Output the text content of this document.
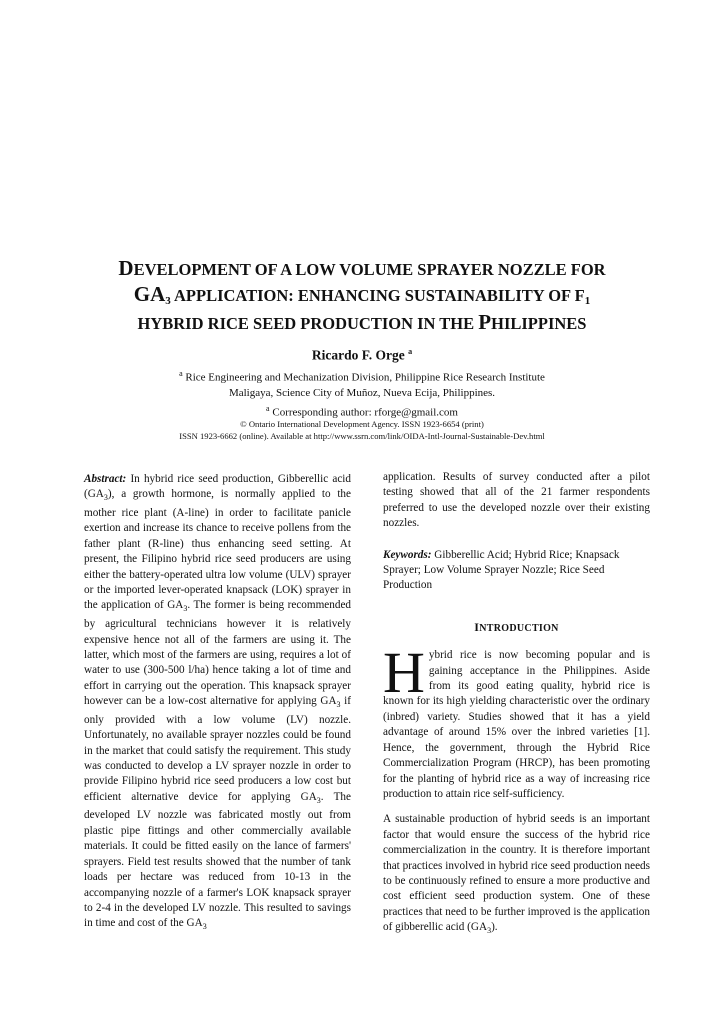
DEVELOPMENT OF A LOW VOLUME SPRAYER NOZZLE FOR
$GA_3$ APPLICATION: ENHANCING SUSTAINABILITY OF $F_1$
HYBRID RICE SEED PRODUCTION IN THE PHILIPPINES
Ricardo F. Orge $^a$
$^a$ Rice Engineering and Mechanization Division, Philippine Rice Research Institute
Maligaya, Science City of Muñoz, Nueva Ecija, Philippines.
$^a$ Corresponding author: rforge@gmail.com
© Ontario International Development Agency. ISSN 1923-6654 (print)
ISSN 1923-6662 (online). Available at http://www.ssrn.com/link/OIDA-Intl-Journal-Sustainable-Dev.html

Abstract: In hybrid rice seed production, Gibberellic acid $(GA_3)$, a growth hormone, is normally applied to the mother rice plant (A-line) in order to facilitate panicle exertion and increase its chance to receive pollens from the father plant (R-line) thus enhancing seed setting. At present, the Filipino hybrid rice seed producers are using either the battery-operated ultra low volume (ULV) sprayer or the imported lever-operated knapsack (LOK) sprayer in the application of $GA_3$. The former is being recommended by agricultural technicians however it is relatively expensive hence not all of the farmers are using it. The latter, which most of the farmers are using, requires a lot of water to use (300-500 l/ha) hence taking a lot of time and effort in carrying out the operation. This knapsack sprayer however can be a low-cost alternative for applying $GA_3$ if only provided with a low volume (LV) nozzle. Unfortunately, no available sprayer nozzles could be found in the market that could satisfy the requirement. This study was conducted to develop a LV sprayer nozzle in order to provide Filipino hybrid rice seed producers a low cost but efficient alternative device for applying $GA_3$. The developed LV nozzle was fabricated mostly out from plastic pipe fittings and other commercially available materials. It could be fitted easily on the lance of farmers' sprayers. Field test results showed that the number of tank loads per hectare was reduced from 10-13 in the accompanying nozzle of a farmer's LOK knapsack sprayer to 2-4 in the developed LV nozzle. This resulted to savings in time and cost of the $GA_3$

application. Results of survey conducted after a pilot testing showed that all of the 21 farmer respondents preferred to use the developed nozzle over their existing nozzles.

Keywords: Gibberellic Acid; Hybrid Rice; Knapsack Sprayer; Low Volume Sprayer Nozzle; Rice Seed Production

INTRODUCTION

Hybrid rice is now becoming popular and is gaining acceptance in the Philippines. Aside from its good eating quality, hybrid rice is known for its high yielding characteristic over the ordinary (inbred) variety. Studies showed that it has a yield advantage of around 15% over the inbred varieties [1]. Hence, the government, through the Hybrid Rice Commercialization Program (HRCP), has been promoting for the planting of hybrid rice as a way of increasing rice production to attain rice self-sufficiency.

A sustainable production of hybrid seeds is an important factor that would ensure the success of the hybrid rice commercialization in the country. It is therefore important that practices involved in hybrid rice seed production needs to be continuously refined to ensure a more productive and cost efficient seed production system. One of these practices that need to be further improved is the application of gibberellic acid $(GA_3)$.
